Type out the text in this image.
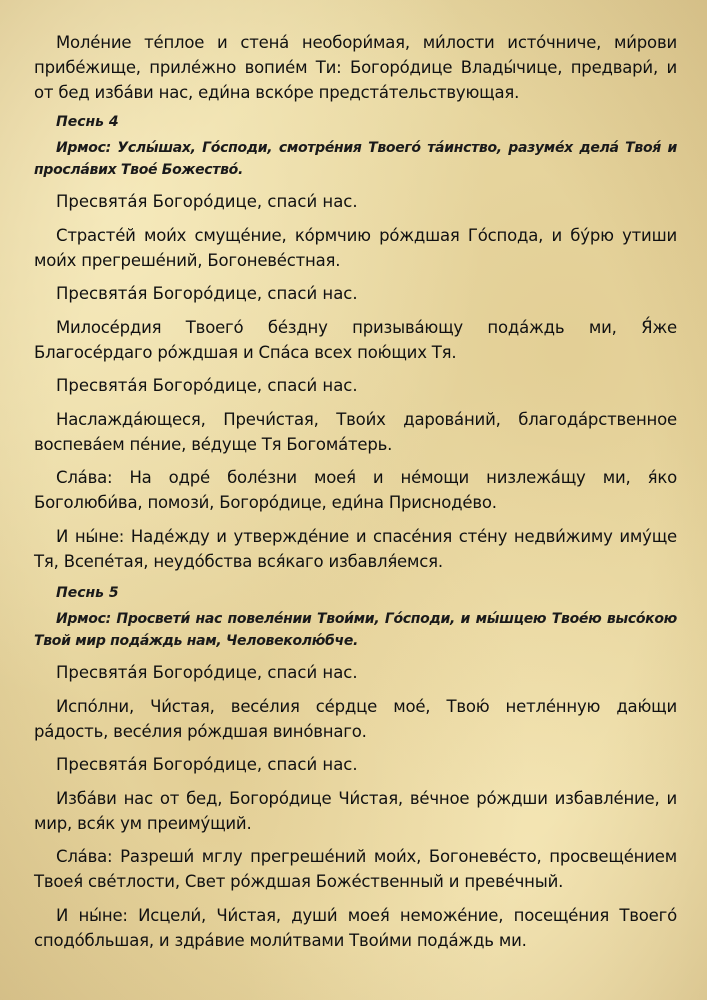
Моле́ние те́плое и стена́ необори́мая, ми́лости исто́чниче, ми́рови прибе́жище, приле́жно вопие́м Ти: Богоро́дице Влады́чице, предвари́, и от бед изба́ви нас, еди́на вско́ре предста́тельствующая.

Песнь 4

Ирмос: Услы́шах, Го́споди, смотре́ния Твоего́ та́инство, разуме́х дела́ Твоя́ и просла́вих Твое́ Божество́.

Пресвята́я Богоро́дице, спаси́ нас.

Страсте́й мои́х смуще́ние, ко́рмчию ро́ждшая Го́спода, и бу́рю утиши мои́х прегреше́ний, Богоневе́стная.

Пресвята́я Богоро́дице, спаси́ нас.

Милосе́рдия Твоего́ бе́здну призыва́ющу пода́ждь ми, Я́же Благосе́рдаго ро́ждшая и Спа́са всех пою́щих Тя.

Пресвята́я Богоро́дице, спаси́ нас.

Наслажда́ющеся, Пречи́стая, Твои́х дарова́ний, благода́рственное воспева́ем пе́ние, ве́дуще Тя Богома́терь.

Сла́ва: На одре́ боле́зни моея́ и не́мощи низлежа́щу ми, я́ко Боголюби́ва, помози́, Богоро́дице, еди́на Присноде́во.

И ны́не: Наде́жду и утвержде́ние и спасе́ния сте́ну недви́жиму иму́ще Тя, Всепе́тая, неудо́бства вся́каго избавля́емся.

Песнь 5

Ирмос: Просвети́ нас повеле́нии Твои́ми, Го́споди, и мы́шцею Твое́ю высо́кою Твой мир пода́ждь нам, Человеколю́бче.

Пресвята́я Богоро́дице, спаси́ нас.

Испо́лни, Чи́стая, весе́лия се́рдце мое́, Твою́ нетле́нную даю́щи ра́дость, весе́лия ро́ждшая вино́внаго.

Пресвята́я Богоро́дице, спаси́ нас.

Изба́ви нас от бед, Богоро́дице Чи́стая, ве́чное ро́ждши избавле́ние, и мир, вся́к ум преиму́щий.

Сла́ва: Разреши́ мглу прегреше́ний мои́х, Богоневе́сто, просвеще́нием Твоея́ све́тлости, Свет ро́ждшая Боже́ственный и преве́чный.

И ны́не: Исцели́, Чи́стая, души́ моея́ неможе́ние, посеще́ния Твоего́ сподо́бльшая, и здра́вие моли́твами Твои́ми пода́ждь ми.
